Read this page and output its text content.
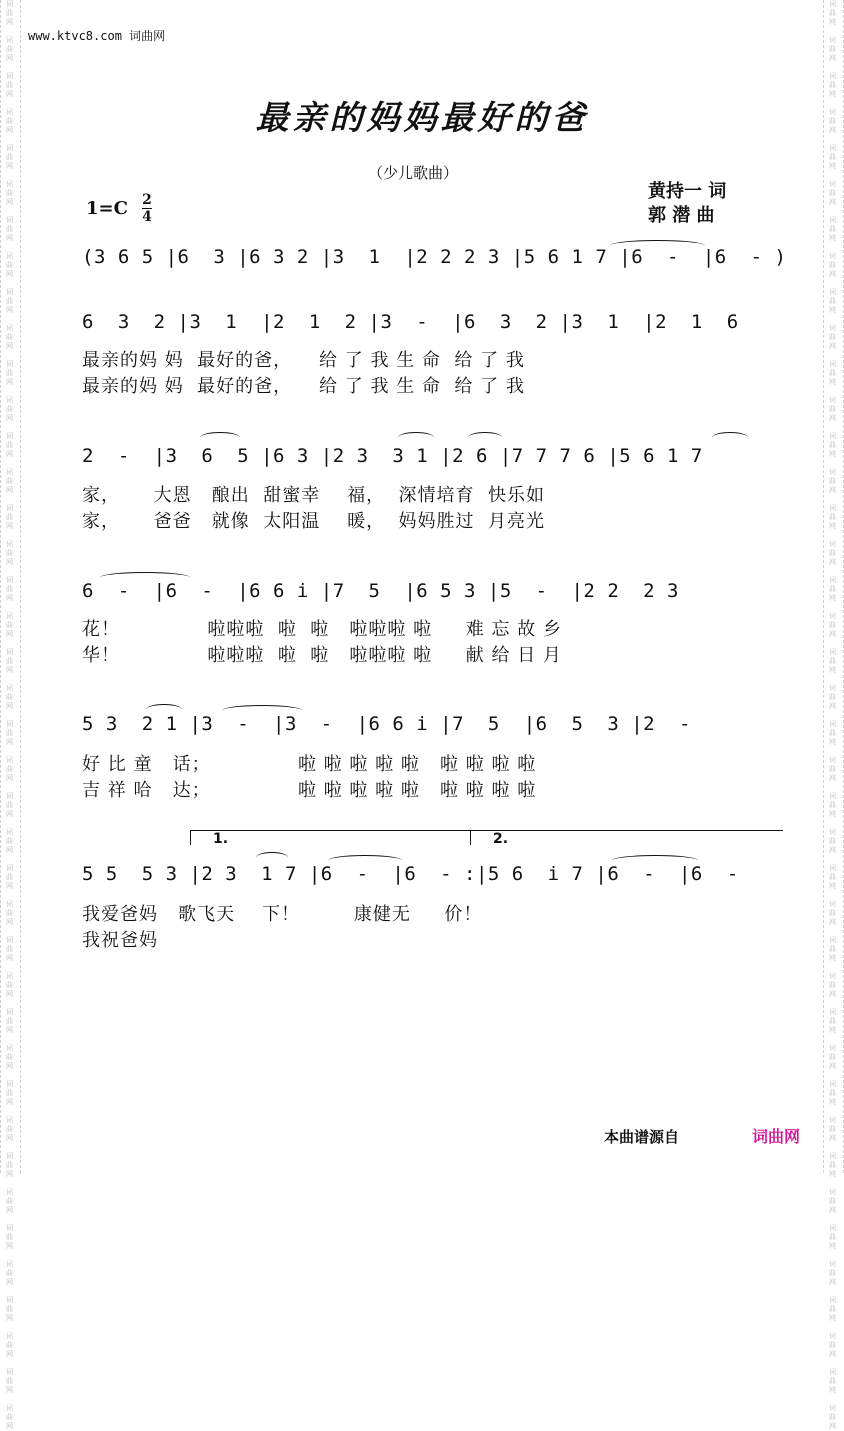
词
曲
网

词
曲
网

词
曲
网

词
曲
网

词
曲
网

词
曲
网

词
曲
网

词
曲
网

词
曲
网

词
曲
网

词
曲
网

词
曲
网

词
曲
网

词
曲
网

词
曲
网

词
曲
网

词
曲
网

词
曲
网

词
曲
网

词
曲
网

词
曲
网

词
曲
网

词
曲
网

词
曲
网

词
曲
网

词
曲
网

词
曲
网

词
曲
网

词
曲
网

词
曲
网

词
曲
网

词
曲
网

词
曲
网

词
曲
网

词
曲
网

词
曲
网

词
曲
网

词
曲
网

词
曲
网

词
曲
网

词
曲
网

词
曲
网

词
曲
网

词
曲
网

词
曲
网

词
曲
网

词
曲
网

词
曲
网

词
曲
网

词
曲
网

词
曲
网

词
曲
网

词
曲
网

词
曲
网

词
曲
网

词
曲
网

词
曲
网

词
曲
网

词
曲
网

词
曲
网

词
曲
网

词
曲
网

词
曲
网

词
曲
网

词
曲
网

词
曲
网

词
曲
网

词
曲
网

词
曲
网

词
曲
网

词
曲
网

词
曲
网

词
曲
网

词
曲
网

词
曲
网

词
曲
网

词
曲
网

词
曲
网

词
曲
网

词
曲
网

www.ktvc8.com 词曲网
最亲的妈妈最好的爸
（少儿歌曲）
黄持一 词
郭 潜 曲
1=C 2
4
(3 6 5 |6  3 |6 3 2 |3  1  |2 2 2 3 |5 6 1 7 |6  -  |6  - )
6  3  2 |3  1  |2  1  2 |3  -  |6  3  2 |3  1  |2  1  6
最亲的妈 妈  最好的爸，    给 了 我 生 命  给 了 我
最亲的妈 妈  最好的爸，    给 了 我 生 命  给 了 我
2  -  |3  6  5 |6 3 |2 3  3 1 |2 6 |7 7 7 6 |5 6 1 7
家，     大恩   酿出  甜蜜幸    福，  深情培育  快乐如
家，     爸爸   就像  太阳温    暖，  妈妈胜过  月亮光
6  -  |6  -  |6 6 i |7  5  |6 5 3 |5  -  |2 2  2 3
花！             啦啦啦  啦  啦   啦啦啦 啦     难 忘 故 乡
华！             啦啦啦  啦  啦   啦啦啦 啦     献 给 日 月
5 3  2 1 |3  -  |3  -  |6 6 i |7  5  |6  5  3 |2  -
好 比 童   话；             啦 啦 啦 啦 啦   啦 啦 啦 啦
吉 祥 哈   达；             啦 啦 啦 啦 啦   啦 啦 啦 啦
1.	2.
5 5  5 3 |2 3  1 7 |6  -  |6  - :|5 6  i 7 |6  -  |6  -
我爱爸妈   歌飞天    下！        康健无     价！
我祝爸妈
本曲谱源自	词曲网
